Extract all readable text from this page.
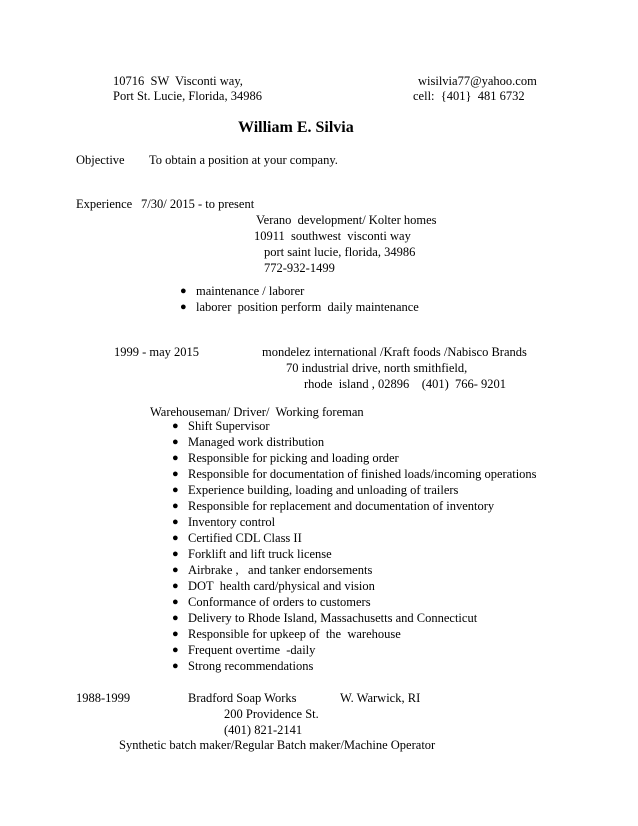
10716  SW  Visconti way,
Port St. Lucie, Florida, 34986
wisilvia77@yahoo.com
cell:  {401}  481 6732
William E. Silvia
Objective To obtain a position at your company.
Experience 7/30/ 2015 - to present
Verano  development/ Kolter homes
10911  southwest  visconti way
port saint lucie, florida, 34986
772-932-1499
● maintenance / laborer
● laborer  position perform  daily maintenance
1999 - may 2015	mondelez international /Kraft foods /Nabisco Brands
70 industrial drive, north smithfield,
rhode  island , 02896    (401)  766- 9201
Warehouseman/ Driver/  Working foreman
● Shift Supervisor
● Managed work distribution
● Responsible for picking and loading order
● Responsible for documentation of finished loads/incoming operations
● Experience building, loading and unloading of trailers
● Responsible for replacement and documentation of inventory
● Inventory control
● Certified CDL Class II
● Forklift and lift truck license
● Airbrake ,   and tanker endorsements
● DOT  health card/physical and vision
● Conformance of orders to customers
● Delivery to Rhode Island, Massachusetts and Connecticut
● Responsible for upkeep of  the  warehouse
● Frequent overtime  -daily
● Strong recommendations
1988-1999	Bradford Soap Works	W. Warwick, RI
200 Providence St.
(401) 821-2141
Synthetic batch maker/Regular Batch maker/Machine Operator
